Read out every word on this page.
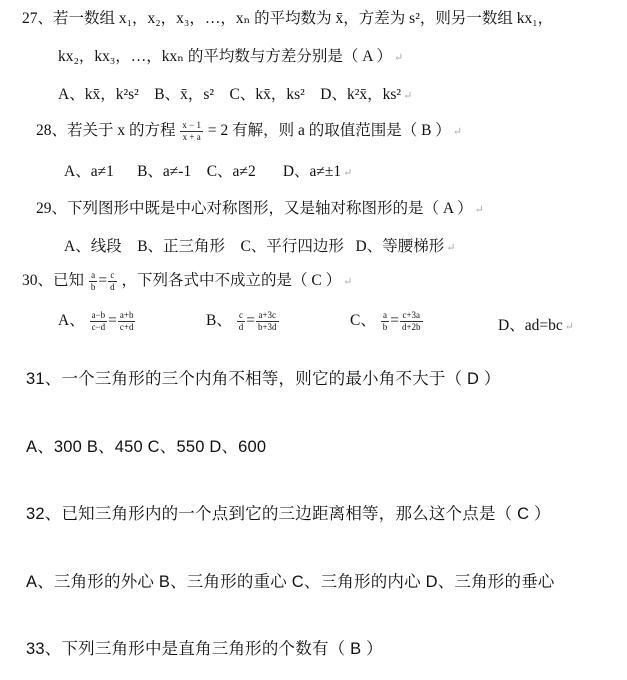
27、若一数组 x₁，x₂，x₃，…，xₙ 的平均数为 x̄，方差为 s²，则另一数组 kx₁，
kx₂，kx₃，…，kxₙ 的平均数与方差分别是（ A ） ↵
A、kx̄，k²s²    B、x̄，s²    C、kx̄，ks²    D、k²x̄，ks² ↵
28、若关于 x 的方程 $\frac{x - 1}{x + a} = 2$ 有解，则 a 的取值范围是（ B ） ↵
A、a≠1      B、a≠-1    C、a≠2       D、a≠±1 ↵
29、下列图形中既是中心对称图形，又是轴对称图形的是（ A ） ↵
A、线段    B、正三角形    C、平行四边形   D、等腰梯形 ↵
30、已知 $\frac{a}{b} = \frac{c}{d}$ ，下列各式中不成立的是（ C ） ↵
A、 $\frac{a-b}{c-d} = \frac{a+b}{c+d}$	B、 $\frac{c}{d} = \frac{a+3c}{b+3d}$	C、 $\frac{a}{b} = \frac{c+3a}{d+2b}$	D、ad=bc ↵
31、一个三角形的三个内角不相等，则它的最小角不大于（ D ）
A、300 B、450 C、550 D、600
32、已知三角形内的一个点到它的三边距离相等，那么这个点是（ C ）
A、三角形的外心 B、三角形的重心 C、三角形的内心 D、三角形的垂心
33、下列三角形中是直角三角形的个数有（ B ）
